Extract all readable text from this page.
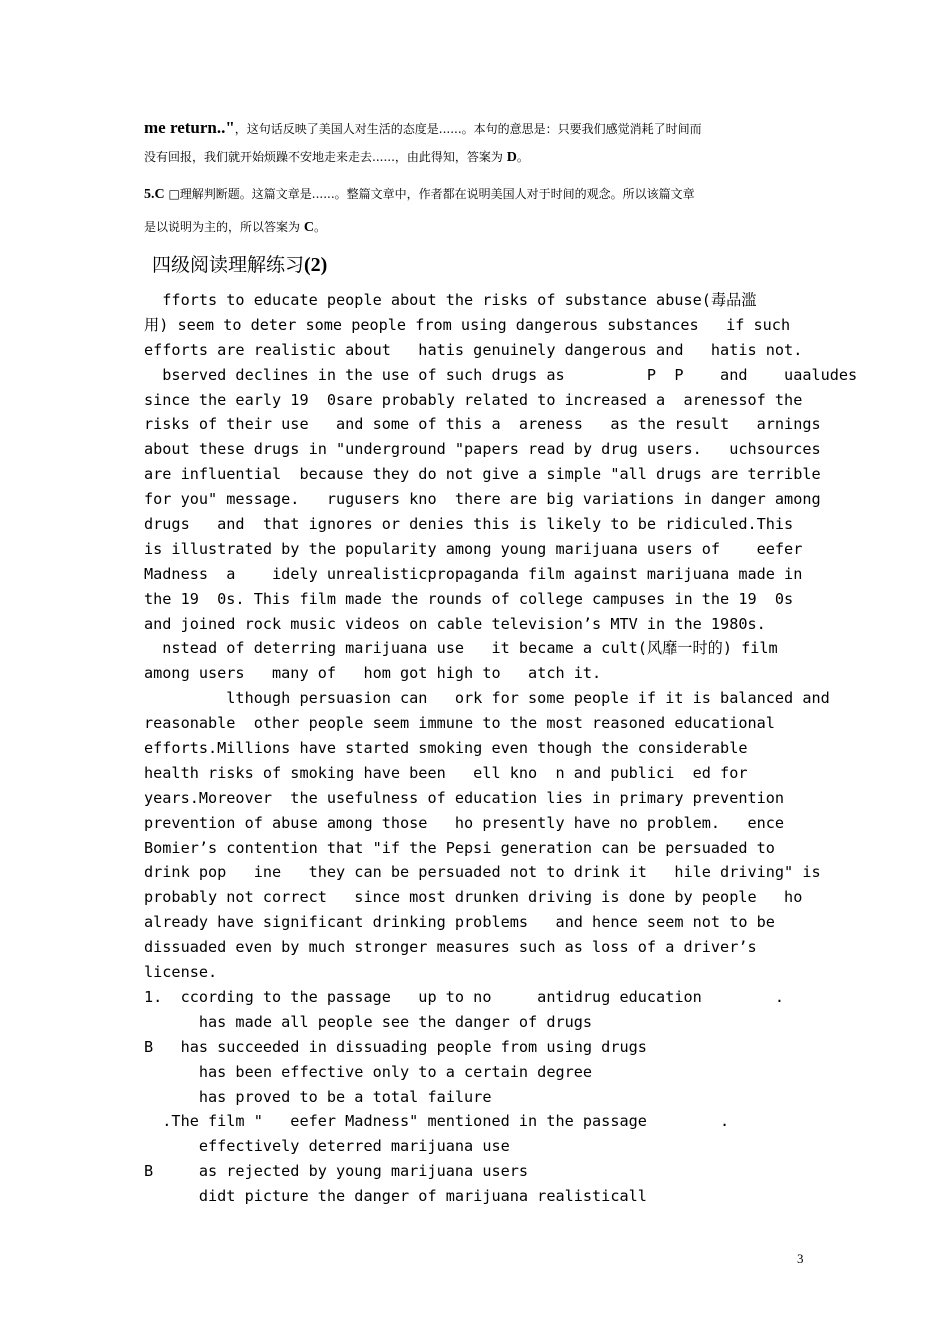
me return.."，这句话反映了美国人对生活的态度是......。本句的意思是：只要我们感觉消耗了时间而
没有回报，我们就开始烦躁不安地走来走去......，由此得知，答案为 D。
5.C □理解判断题。这篇文章是......。整篇文章中，作者都在说明美国人对于时间的观念。所以该篇文章
是以说明为主的，所以答案为 C。
四级阅读理解练习(2)
fforts to educate people about the risks of substance abuse(毒品滥
用) seem to deter some people from using dangerous substances   if such
efforts are realistic about   hatis genuinely dangerous and   hatis not.
bserved declines in the use of such drugs as         P  P    and    uaaludes
since the early 19  0sare probably related to increased a  arenessof the
risks of their use   and some of this a  areness   as the result   arnings
about these drugs in "underground "papers read by drug users.   uchsources
are influential  because they do not give a simple "all drugs are terrible
for you" message.   rugusers kno  there are big variations in danger among
drugs   and  that ignores or denies this is likely to be ridiculed.This
is illustrated by the popularity among young marijuana users of    eefer
Madness  a    idely unrealisticpropaganda film against marijuana made in
the 19  0s. This film made the rounds of college campuses in the 19  0s
and joined rock music videos on cable television’s MTV in the 1980s.
nstead of deterring marijuana use   it became a cult(风靡一时的) film
among users   many of   hom got high to   atch it.
lthough persuasion can   ork for some people if it is balanced and
reasonable  other people seem immune to the most reasoned educational
efforts.Millions have started smoking even though the considerable
health risks of smoking have been   ell kno  n and publici  ed for
years.Moreover  the usefulness of education lies in primary prevention
prevention of abuse among those   ho presently have no problem.   ence
Bomier’s contention that "if the Pepsi generation can be persuaded to
drink pop   ine   they can be persuaded not to drink it   hile driving" is
probably not correct   since most drunken driving is done by people   ho
already have significant drinking problems   and hence seem not to be
dissuaded even by much stronger measures such as loss of a driver’s
license.
1.  ccording to the passage   up to no     antidrug education        .
has made all people see the danger of drugs
B   has succeeded in dissuading people from using drugs
has been effective only to a certain degree
has proved to be a total failure
.The film "   eefer Madness" mentioned in the passage        .
effectively deterred marijuana use
B     as rejected by young marijuana users
didt picture the danger of marijuana realisticall
3
